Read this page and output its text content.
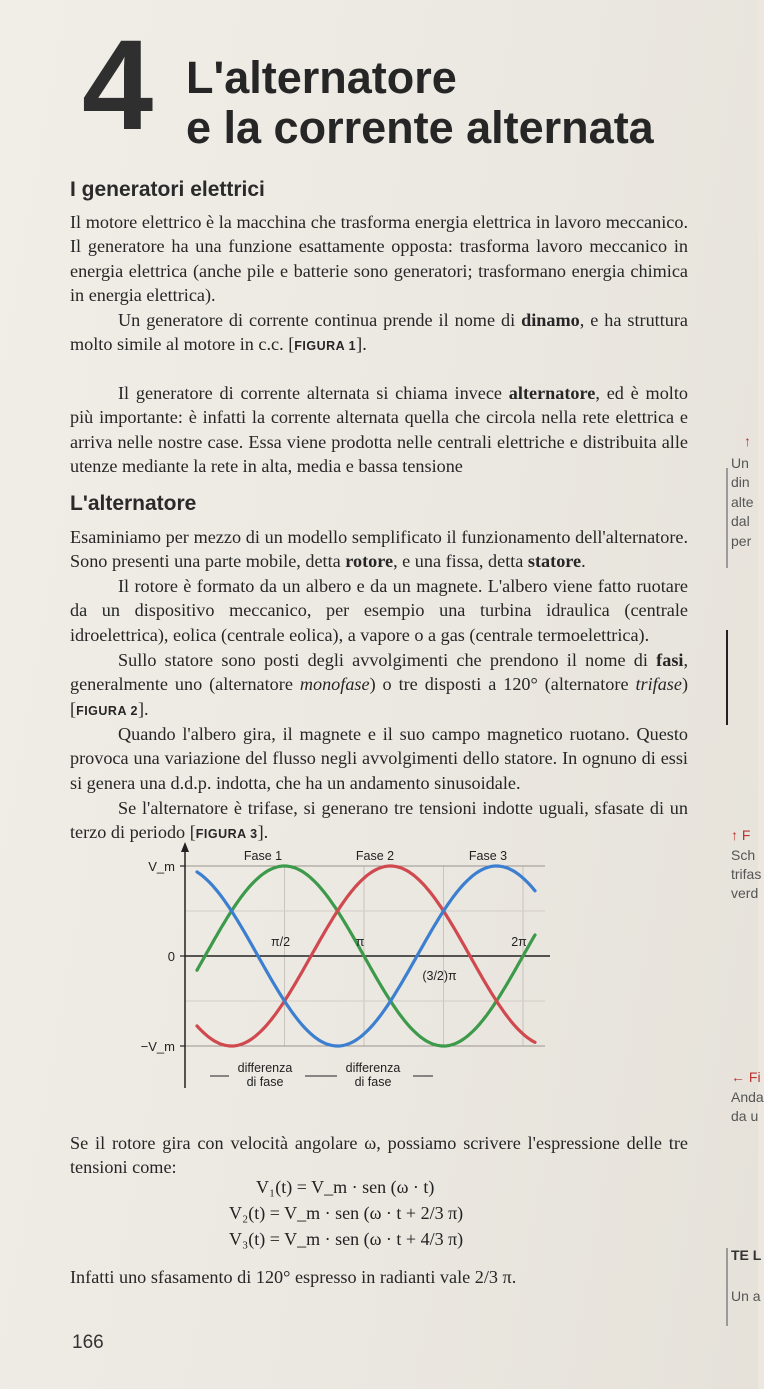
4 L'alternatore
e la corrente alternata
I generatori elettrici
Il motore elettrico è la macchina che trasforma energia elettrica in lavoro meccanico. Il generatore ha una funzione esattamente opposta: trasforma lavoro meccanico in energia elettrica (anche pile e batterie sono generatori; trasformano energia chimica in energia elettrica).
Un generatore di corrente continua prende il nome di dinamo, e ha struttura molto simile al motore in c.c. [FIGURA 1].
Il generatore di corrente alternata si chiama invece alternatore, ed è molto più importante: è infatti la corrente alternata quella che circola nella rete elettrica e arriva nelle nostre case. Essa viene prodotta nelle centrali elettriche e distribuita alle utenze mediante la rete in alta, media e bassa tensione
L'alternatore
Esaminiamo per mezzo di un modello semplificato il funzionamento dell'alternatore. Sono presenti una parte mobile, detta rotore, e una fissa, detta statore.
Il rotore è formato da un albero e da un magnete. L'albero viene fatto ruotare da un dispositivo meccanico, per esempio una turbina idraulica (centrale idroelettrica), eolica (centrale eolica), a vapore o a gas (centrale termoelettrica).
Sullo statore sono posti degli avvolgimenti che prendono il nome di fasi, generalmente uno (alternatore monofase) o tre disposti a 120° (alternatore trifase) [FIGURA 2].
Quando l'albero gira, il magnete e il suo campo magnetico ruotano. Questo provoca una variazione del flusso negli avvolgimenti dello statore. In ognuno di essi si genera una d.d.p. indotta, che ha un andamento sinusoidale.
Se l'alternatore è trifase, si generano tre tensioni indotte uguali, sfasate di un terzo di periodo [FIGURA 3].
V_m
0
−V_m
π/2	π
(3/2)π
2π
Fase 1	Fase 2	Fase 3
differenza
di fase
differenza
di fase
Se il rotore gira con velocità angolare ω, possiamo scrivere l'espressione delle tre tensioni come:
V₁(t) = V_m · sen (ω · t)
V₂(t) = V_m · sen (ω · t + 2/3 π)
V₃(t) = V_m · sen (ω · t + 4/3 π)
Infatti uno sfasamento di 120° espresso in radianti vale 2/3 π.
166
↑
Un
din
alte
dal
per
↑ F
Sch
trifas
verd
← Fi
Anda
da u
TE L
Un a
